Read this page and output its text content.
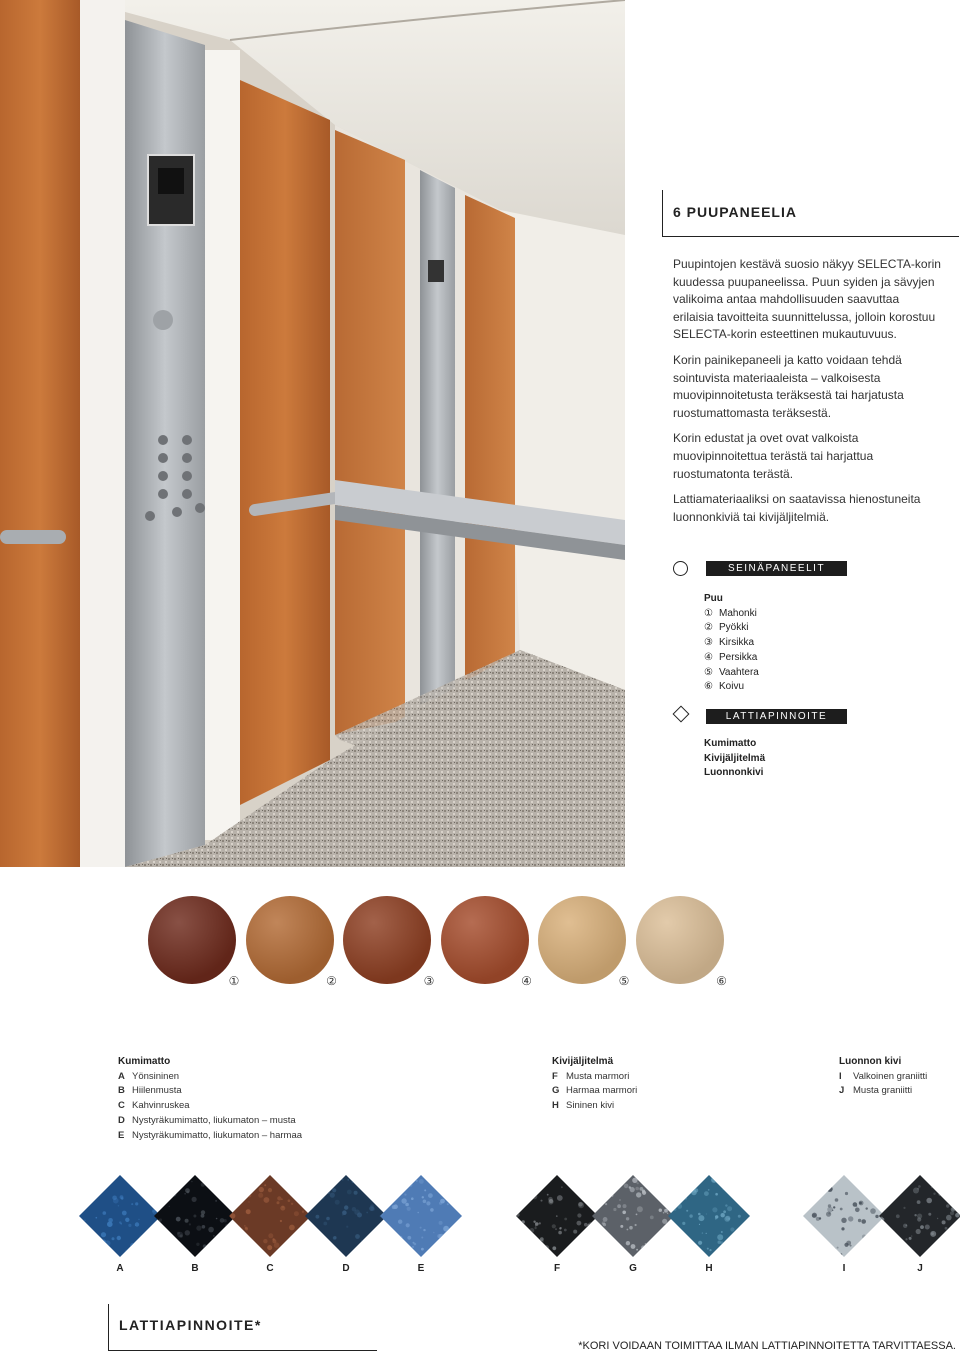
6 PUUPANEELIA

Puupintojen kestävä suosio näkyy SELECTA-korin kuudessa puupaneelissa. Puun syiden ja sävyjen valikoima antaa mahdollisuuden saavuttaa erilaisia tavoitteita suunnittelussa, jolloin korostuu SELECTA-korin esteettinen mukautuvuus.

Korin painikepaneeli ja katto voidaan tehdä sointuvista materiaaleista – valkoisesta muovipinnoitetusta teräksestä tai harjatusta ruostumattomasta teräksestä.

Korin edustat ja ovet ovat valkoista muovipinnoitettua terästä tai harjattua ruostumatonta terästä.

Lattiamateriaaliksi on saatavissa hienostuneita luonnonkiviä tai kivijäljitelmiä.

SEINÄPANEELIT
Puu
① Mahonki
② Pyökki
③ Kirsikka
④ Persikka
⑤ Vaahtera
⑥ Koivu
LATTIAPINNOITE
Kumimatto
Kivijäljitelmä
Luonnonkivi
①	②	③	④	⑤	⑥
Kumimatto
A Yönsininen
B Hiilenmusta
C Kahvinruskea
D Nystyräkumimatto, liukumaton – musta
E Nystyräkumimatto, liukumaton – harmaa
Kivijäljitelmä
F Musta marmori
G Harmaa marmori
H Sininen kivi
Luonnon kivi
I Valkoinen graniitti
J Musta graniitti
A	B	C	D	E	F	G	H	I	J
LATTIAPINNOITE*
*KORI VOIDAAN TOIMITTAA ILMAN LATTIAPINNOITETTA TARVITTAESSA.
